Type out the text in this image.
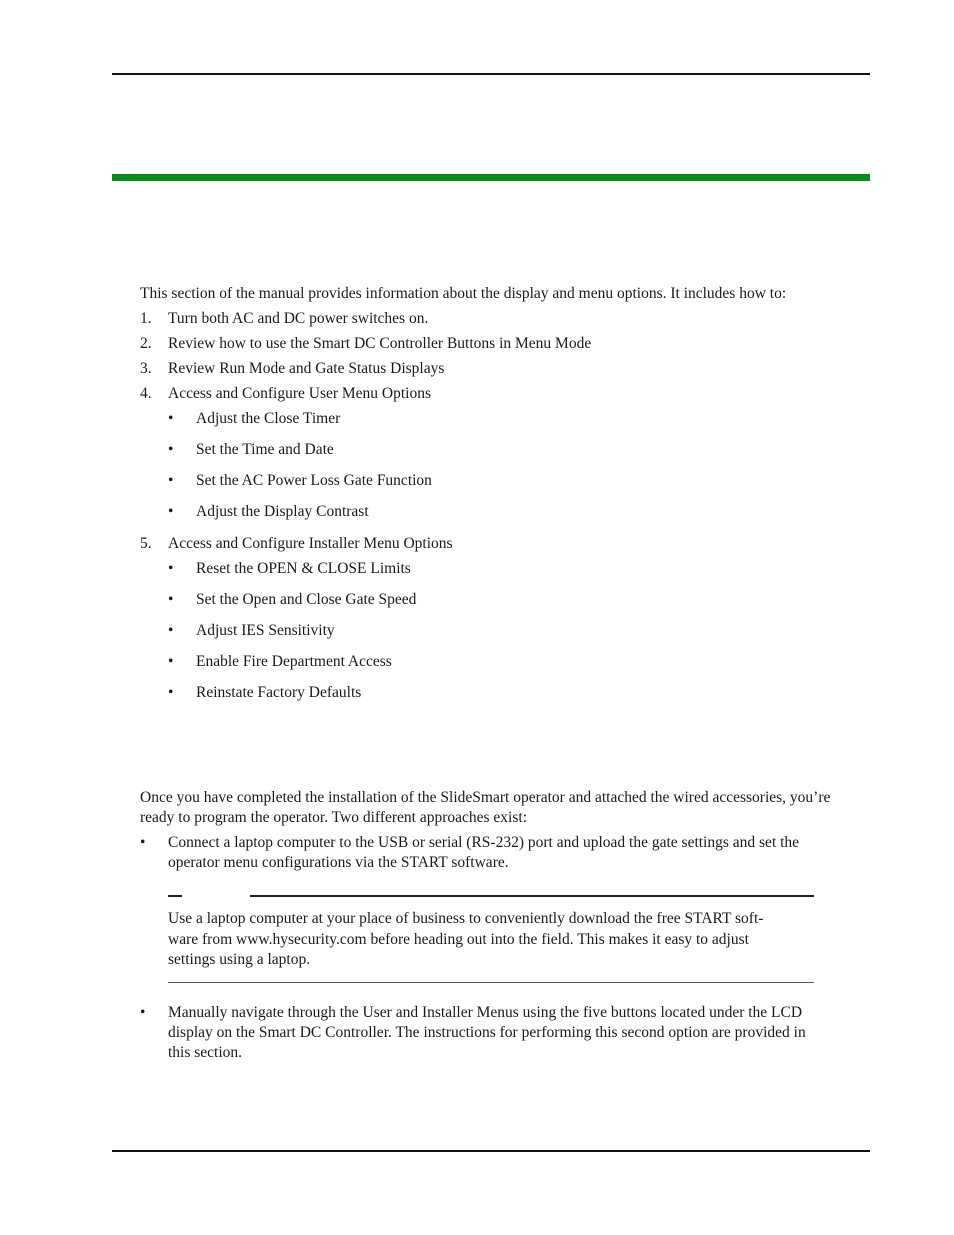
This section of the manual provides information about the display and menu options. It includes how to:
1. Turn both AC and DC power switches on.
2. Review how to use the Smart DC Controller Buttons in Menu Mode
3. Review Run Mode and Gate Status Displays
4. Access and Configure User Menu Options
• Adjust the Close Timer
• Set the Time and Date
• Set the AC Power Loss Gate Function
• Adjust the Display Contrast
5. Access and Configure Installer Menu Options
• Reset the OPEN & CLOSE Limits
• Set the Open and Close Gate Speed
• Adjust IES Sensitivity
• Enable Fire Department Access
• Reinstate Factory Defaults
Once you have completed the installation of the SlideSmart operator and attached the wired accessories, you’re
ready to program the operator. Two different approaches exist:
• Connect a laptop computer to the USB or serial (RS-232) port and upload the gate settings and set the
operator menu configurations via the START software.
Use a laptop computer at your place of business to conveniently download the free START soft-
ware from www.hysecurity.com before heading out into the field. This makes it easy to adjust
settings using a laptop.
• Manually navigate through the User and Installer Menus using the five buttons located under the LCD
display on the Smart DC Controller. The instructions for performing this second option are provided in
this section.
